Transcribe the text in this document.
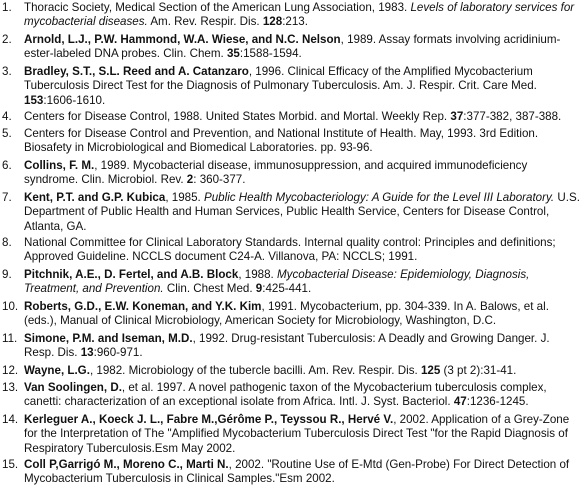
1. Thoracic Society, Medical Section of the American Lung Association, 1983. Levels of laboratory services for mycobacterial diseases. Am. Rev. Respir. Dis. 128:213.
2. Arnold, L.J., P.W. Hammond, W.A. Wiese, and N.C. Nelson, 1989. Assay formats involving acridinium-ester-labeled DNA probes. Clin. Chem. 35:1588-1594.
3. Bradley, S.T., S.L. Reed and A. Catanzaro, 1996. Clinical Efficacy of the Amplified Mycobacterium Tuberculosis Direct Test for the Diagnosis of Pulmonary Tuberculosis. Am. J. Respir. Crit. Care Med. 153:1606-1610.
4. Centers for Disease Control, 1988. United States Morbid. and Mortal. Weekly Rep. 37:377-382, 387-388.
5. Centers for Disease Control and Prevention, and National Institute of Health. May, 1993. 3rd Edition. Biosafety in Microbiological and Biomedical Laboratories. pp. 93-96.
6. Collins, F. M., 1989. Mycobacterial disease, immunosuppression, and acquired immunodeficiency syndrome. Clin. Microbiol. Rev. 2: 360-377.
7. Kent, P.T. and G.P. Kubica, 1985. Public Health Mycobacteriology: A Guide for the Level III Laboratory. U.S. Department of Public Health and Human Services, Public Health Service, Centers for Disease Control, Atlanta, GA.
8. National Committee for Clinical Laboratory Standards. Internal quality control: Principles and definitions; Approved Guideline. NCCLS document C24-A. Villanova, PA: NCCLS; 1991.
9. Pitchnik, A.E., D. Fertel, and A.B. Block, 1988. Mycobacterial Disease: Epidemiology, Diagnosis, Treatment, and Prevention. Clin. Chest Med. 9:425-441.
10. Roberts, G.D., E.W. Koneman, and Y.K. Kim, 1991. Mycobacterium, pp. 304-339. In A. Balows, et al. (eds.), Manual of Clinical Microbiology, American Society for Microbiology, Washington, D.C.
11. Simone, P.M. and Iseman, M.D., 1992. Drug-resistant Tuberculosis: A Deadly and Growing Danger. J. Resp. Dis. 13:960-971.
12. Wayne, L.G., 1982. Microbiology of the tubercle bacilli. Am. Rev. Respir. Dis. 125 (3 pt 2):31-41.
13. Van Soolingen, D., et al. 1997. A novel pathogenic taxon of the Mycobacterium tuberculosis complex, canetti: characterization of an exceptional isolate from Africa. Intl. J. Syst. Bacteriol. 47:1236-1245.
14. Kerleguer A., Koeck J. L., Fabre M.,Gérôme P., Teyssou R., Hervé V., 2002. Application of a Grey-Zone for the Interpretation of The "Amplified Mycobacterium Tuberculosis Direct Test "for the Rapid Diagnosis of Respiratory Tuberculosis.Esm May 2002.
15. Coll P,Garrigó M., Moreno C., Marti N., 2002. "Routine Use of E-Mtd (Gen-Probe) For Direct Detection of Mycobacterium Tuberculosis in Clinical Samples."Esm 2002.
